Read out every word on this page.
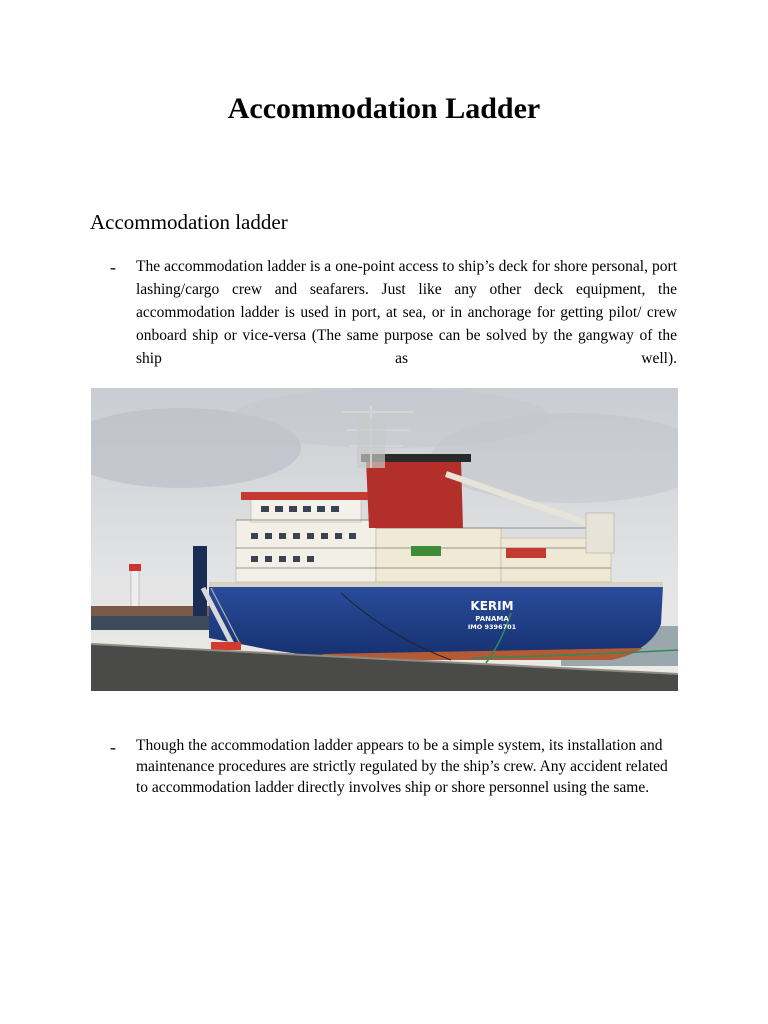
Accommodation Ladder
Accommodation ladder
- The accommodation ladder is a one-point access to ship’s deck for shore personal, port lashing/cargo crew and seafarers. Just like any other deck equipment, the accommodation ladder is used in port, at sea, or in anchorage for getting pilot/ crew onboard ship or vice-versa (The same purpose can be solved by the gangway of the ship as well).

KERIM
PANAMA
IMO 9396701
- Though the accommodation ladder appears to be a simple system, its installation and maintenance procedures are strictly regulated by the ship’s crew. Any accident related to accommodation ladder directly involves ship or shore personnel using the same.
